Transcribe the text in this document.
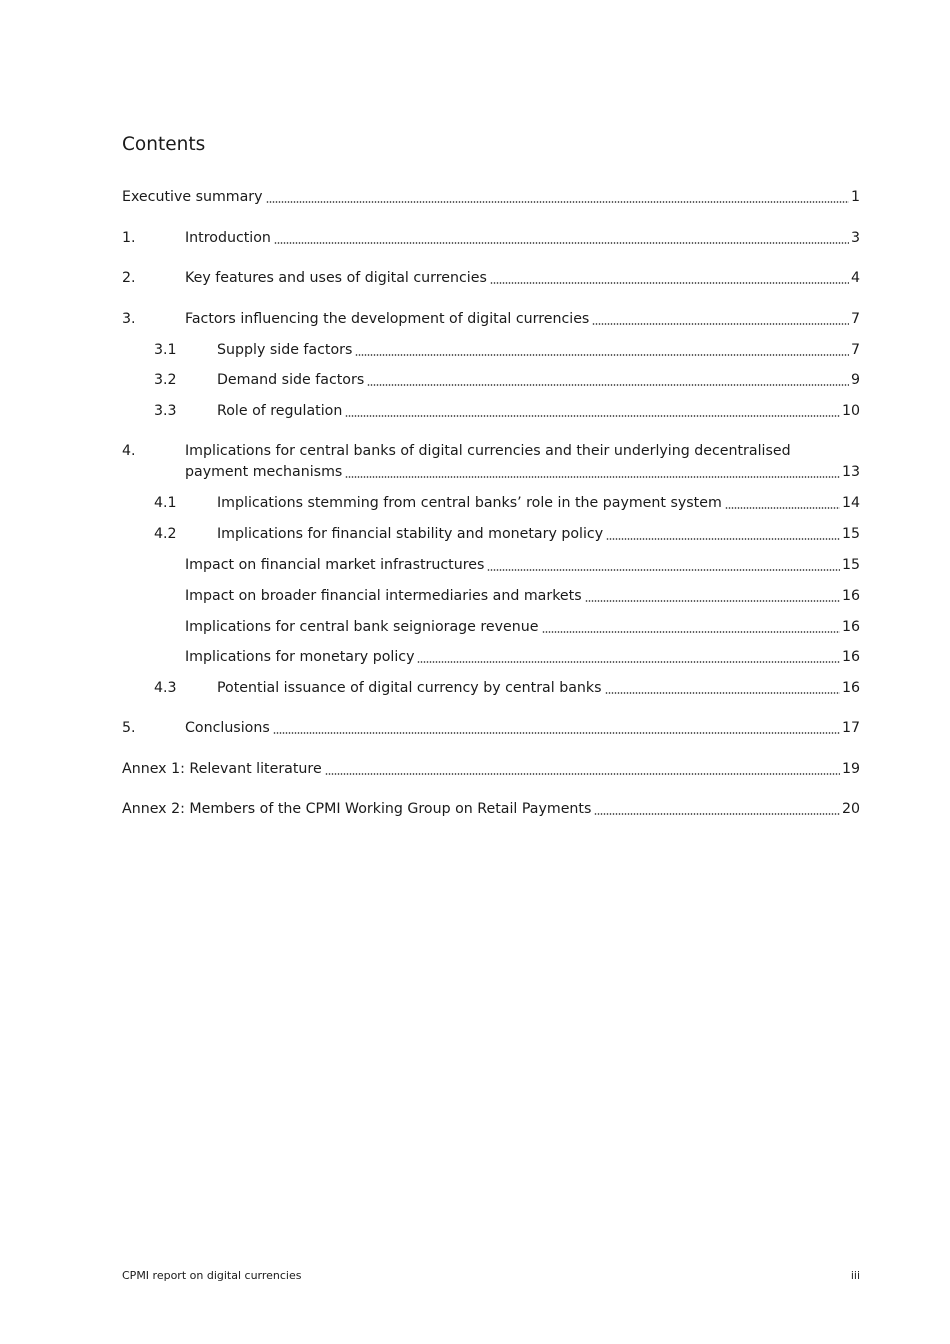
Contents
Executive summary	1
1.	Introduction	3
2.	Key features and uses of digital currencies	4
3.	Factors influencing the development of digital currencies	7
3.1	Supply side factors	7
3.2	Demand side factors	9
3.3	Role of regulation	10
4.	Implications for central banks of digital currencies and their underlying decentralised
payment mechanisms	13
4.1	Implications stemming from central banks’ role in the payment system	14
4.2	Implications for financial stability and monetary policy	15
Impact on financial market infrastructures	15
Impact on broader financial intermediaries and markets	16
Implications for central bank seigniorage revenue	16
Implications for monetary policy	16
4.3	Potential issuance of digital currency by central banks	16
5.	Conclusions	17
Annex 1: Relevant literature	19
Annex 2: Members of the CPMI Working Group on Retail Payments	20
CPMI report on digital currencies	iii
